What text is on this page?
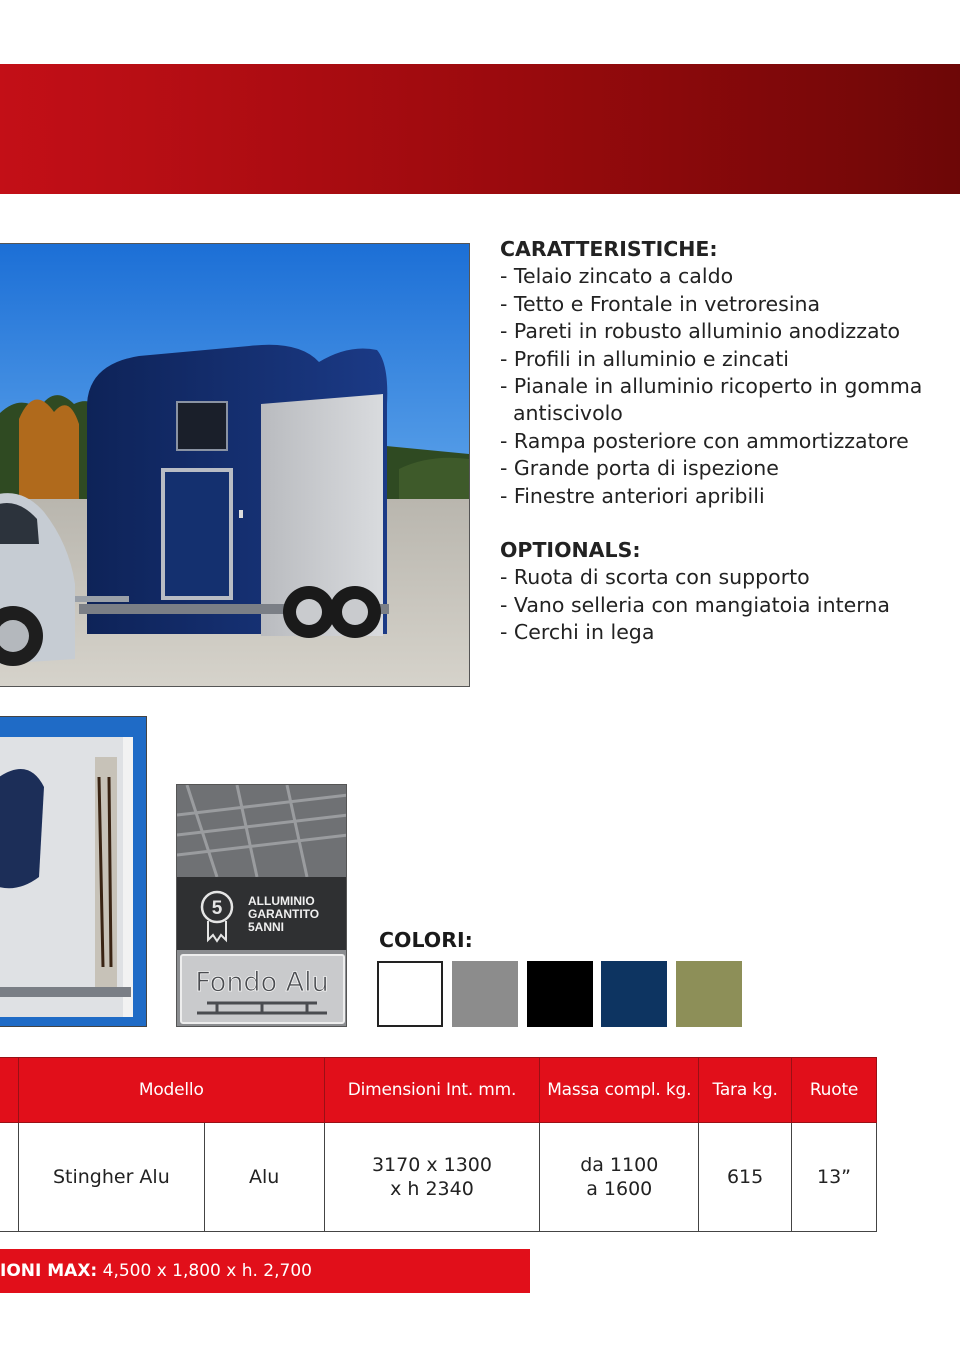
CARATTERISTICHE:
- Telaio zincato a caldo
- Tetto e Frontale in vetroresina
- Pareti in robusto alluminio anodizzato
- Profili in alluminio e zincati
- Pianale in alluminio ricoperto in gomma antiscivolo
- Rampa posteriore con ammortizzatore
- Grande porta di ispezione
- Finestre anteriori apribili
OPTIONALS:
- Ruota di scorta con supporto
- Vano selleria con mangiatoia interna
- Cerchi in lega
5 ALLUMINIO
GARANTITO
5ANNI
Fondo Alu
COLORI:
	Modello		Dimensioni Int. mm.	Massa compl. kg.	Tara kg.	Ruote
	Stingher Alu	Alu	3170 x 1300
x h 2340	da 1100
a 1600	615	13”
IONI MAX: 4,500 x 1,800 x h. 2,700
